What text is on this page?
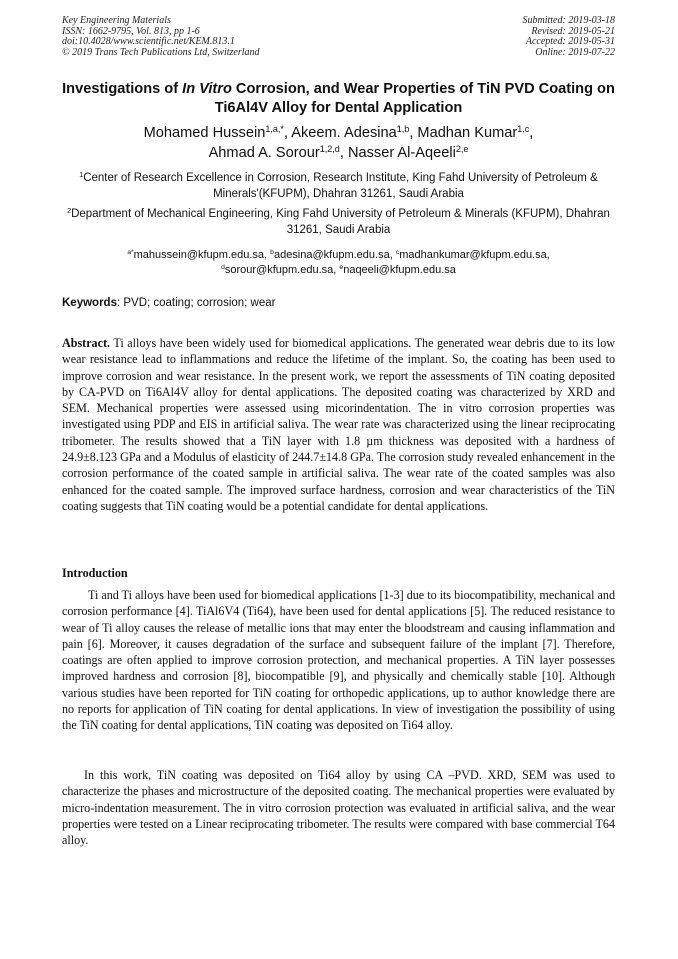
Key Engineering Materials
ISSN: 1662-9795, Vol. 813, pp 1-6
doi:10.4028/www.scientific.net/KEM.813.1
© 2019 Trans Tech Publications Ltd, Switzerland
Submitted: 2019-03-18
Revised: 2019-05-21
Accepted: 2019-05-31
Online: 2019-07-22
Investigations of In Vitro Corrosion, and Wear Properties of TiN PVD Coating on Ti6Al4V Alloy for Dental Application
Mohamed Hussein$^{1,a,*}$, Akeem. Adesina$^{1,b}$, Madhan Kumar$^{1,c}$,
Ahmad A. Sorour$^{1,2,d}$, Nasser Al-Aqeeli$^{2,e}$
$^1$Center of Research Excellence in Corrosion, Research Institute, King Fahd University of Petroleum & Minerals'(KFUPM), Dhahran 31261, Saudi Arabia
$^2$Department of Mechanical Engineering, King Fahd University of Petroleum & Minerals (KFUPM), Dhahran 31261, Saudi Arabia
$^{a*}$mahussein@kfupm.edu.sa, $^b$adesina@kfupm.edu.sa, $^c$madhankumar@kfupm.edu.sa,
$^d$sorour@kfupm.edu.sa, $^e$naqeeli@kfupm.edu.sa
Keywords: PVD; coating; corrosion; wear
Abstract. Ti alloys have been widely used for biomedical applications. The generated wear debris due to its low wear resistance lead to inflammations and reduce the lifetime of the implant. So, the coating has been used to improve corrosion and wear resistance. In the present work, we report the assessments of TiN coating deposited by CA-PVD on Ti6Al4V alloy for dental applications. The deposited coating was characterized by XRD and SEM. Mechanical properties were assessed using micorindentation. The in vitro corrosion properties was investigated using PDP and EIS in artificial saliva. The wear rate was characterized using the linear reciprocating tribometer. The results showed that a TiN layer with 1.8 µm thickness was deposited with a hardness of 24.9±8.123 GPa and a Modulus of elasticity of 244.7±14.8 GPa. The corrosion study revealed enhancement in the corrosion performance of the coated sample in artificial saliva. The wear rate of the coated samples was also enhanced for the coated sample. The improved surface hardness, corrosion and wear characteristics of the TiN coating suggests that TiN coating would be a potential candidate for dental applications.
Introduction
Ti and Ti alloys have been used for biomedical applications [1-3] due to its biocompatibility, mechanical and corrosion performance [4]. TiAl6V4 (Ti64), have been used for dental applications [5]. The reduced resistance to wear of Ti alloy causes the release of metallic ions that may enter the bloodstream and causing inflammation and pain [6]. Moreover, it causes degradation of the surface and subsequent failure of the implant [7]. Therefore, coatings are often applied to improve corrosion protection, and mechanical properties. A TiN layer possesses improved hardness and corrosion [8], biocompatible [9], and physically and chemically stable [10]. Although various studies have been reported for TiN coating for orthopedic applications, up to author knowledge there are no reports for application of TiN coating for dental applications. In view of investigation the possibility of using the TiN coating for dental applications, TiN coating was deposited on Ti64 alloy.
In this work, TiN coating was deposited on Ti64 alloy by using CA –PVD. XRD, SEM was used to characterize the phases and microstructure of the deposited coating. The mechanical properties were evaluated by micro-indentation measurement. The in vitro corrosion protection was evaluated in artificial saliva, and the wear properties were tested on a Linear reciprocating tribometer. The results were compared with base commercial T64 alloy.
